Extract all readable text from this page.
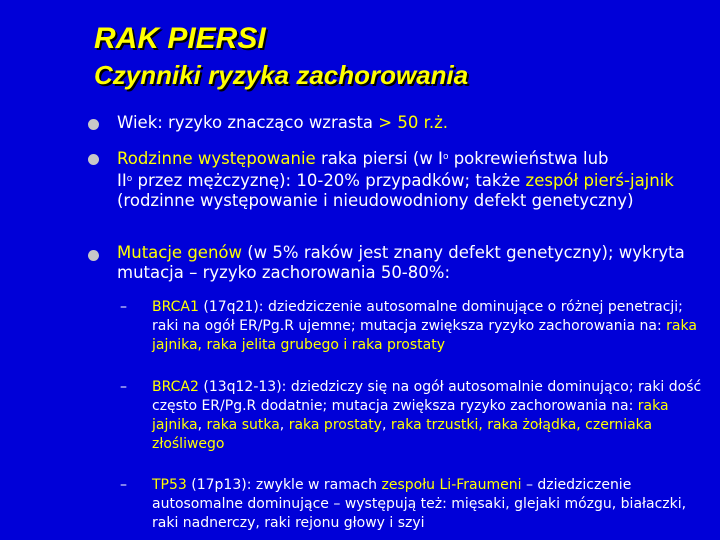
RAK PIERSI
Czynniki ryzyka zachorowania
Wiek: ryzyko znacząco wzrasta > 50 r.ż.
Rodzinne występowanie raka piersi (w $I^o$ pokrewieństwa lub
$II^o$ przez mężczyznę): 10-20% przypadków; także zespół pierś-jajnik (rodzinne występowanie i nieudowodniony defekt genetyczny)
Mutacje genów (w 5% raków jest znany defekt genetyczny); wykryta mutacja – ryzyko zachorowania 50-80%:
– BRCA1 (17q21): dziedziczenie autosomalne dominujące o różnej penetracji; raki na ogół ER/Pg.R ujemne; mutacja zwiększa ryzyko zachorowania na: raka jajnika, raka jelita grubego i raka prostaty
– BRCA2 (13q12-13): dziedziczy się na ogół autosomalnie dominująco; raki dość często ER/Pg.R dodatnie; mutacja zwiększa ryzyko zachorowania na: raka jajnika, raka sutka, raka prostaty, raka trzustki, raka żołądka, czerniaka złośliwego
– TP53 (17p13): zwykle w ramach zespołu Li-Fraumeni – dziedziczenie autosomalne dominujące – występują też: mięsaki, glejaki mózgu, białaczki, raki nadnerczy, raki rejonu głowy i szyi
